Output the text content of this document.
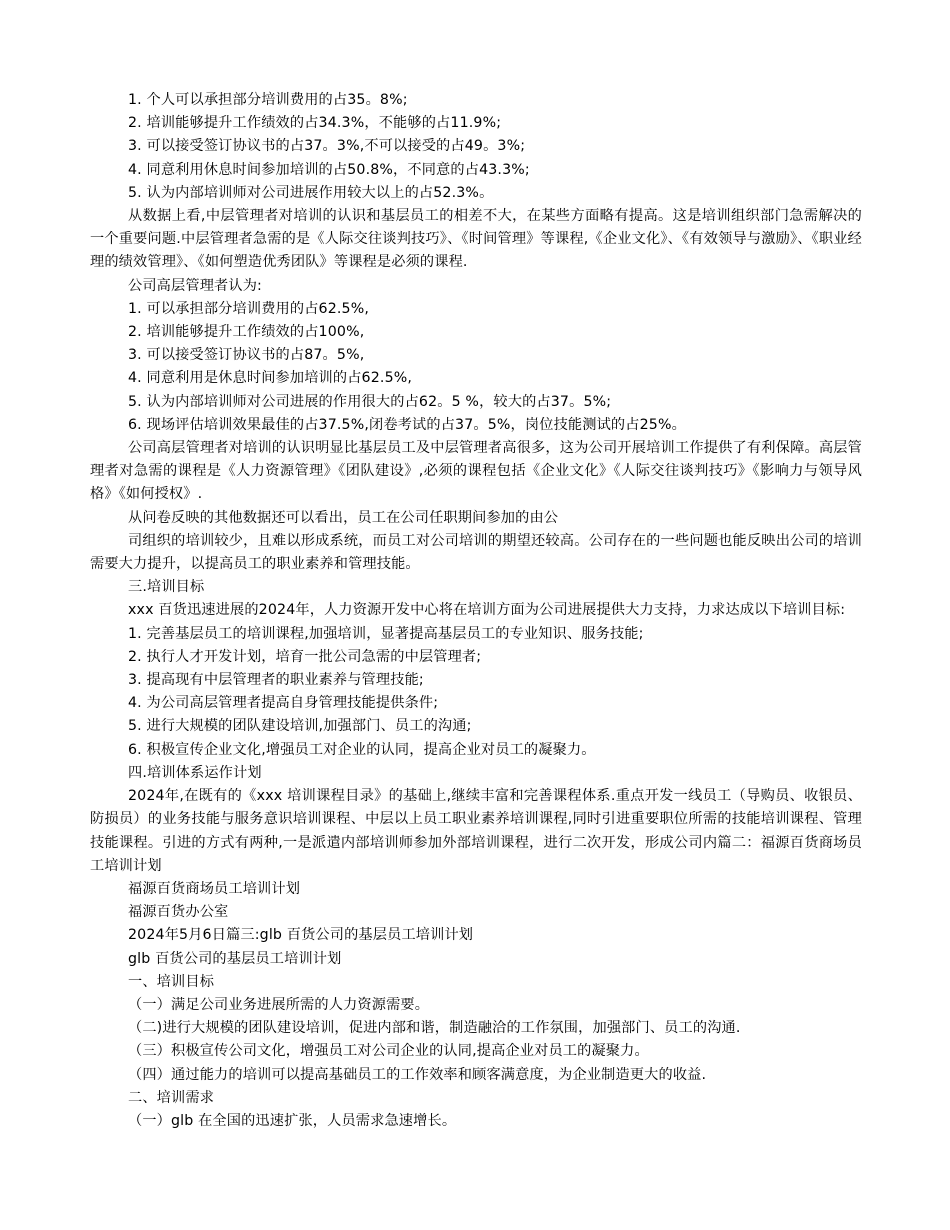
1. 个人可以承担部分培训费用的占35。8%;
2. 培训能够提升工作绩效的占34.3%，不能够的占11.9%;
3. 可以接受签订协议书的占37。3%,不可以接受的占49。3%;
4. 同意利用休息时间参加培训的占50.8%，不同意的占43.3%;
5. 认为内部培训师对公司进展作用较大以上的占52.3%。
从数据上看,中层管理者对培训的认识和基层员工的相差不大，在某些方面略有提高。这是培训组织部门急需解决的一个重要问题.中层管理者急需的是《人际交往谈判技巧》、《时间管理》等课程,《企业文化》、《有效领导与激励》、《职业经理的绩效管理》、《如何塑造优秀团队》等课程是必须的课程.
公司高层管理者认为:
1. 可以承担部分培训费用的占62.5%,
2. 培训能够提升工作绩效的占100%,
3. 可以接受签订协议书的占87。5%,
4. 同意利用是休息时间参加培训的占62.5%,
5. 认为内部培训师对公司进展的作用很大的占62。5 %，较大的占37。5%;
6. 现场评估培训效果最佳的占37.5%,闭卷考试的占37。5%，岗位技能测试的占25%。
公司高层管理者对培训的认识明显比基层员工及中层管理者高很多，这为公司开展培训工作提供了有利保障。高层管理者对急需的课程是《人力资源管理》《团队建设》,必须的课程包括《企业文化》《人际交往谈判技巧》《影响力与领导风格》《如何授权》.
从问卷反映的其他数据还可以看出，员工在公司任职期间参加的由公
司组织的培训较少，且难以形成系统，而员工对公司培训的期望还较高。公司存在的一些问题也能反映出公司的培训需要大力提升，以提高员工的职业素养和管理技能。
三.培训目标
xxx 百货迅速进展的2024年，人力资源开发中心将在培训方面为公司进展提供大力支持，力求达成以下培训目标:
1. 完善基层员工的培训课程,加强培训，显著提高基层员工的专业知识、服务技能;
2. 执行人才开发计划，培育一批公司急需的中层管理者;
3. 提高现有中层管理者的职业素养与管理技能;
4. 为公司高层管理者提高自身管理技能提供条件;
5. 进行大规模的团队建设培训,加强部门、员工的沟通;
6. 积极宣传企业文化,增强员工对企业的认同，提高企业对员工的凝聚力。
四.培训体系运作计划
2024年,在既有的《xxx 培训课程目录》的基础上,继续丰富和完善课程体系.重点开发一线员工（导购员、收银员、防损员）的业务技能与服务意识培训课程、中层以上员工职业素养培训课程,同时引进重要职位所需的技能培训课程、管理技能课程。引进的方式有两种,一是派遣内部培训师参加外部培训课程，进行二次开发，形成公司内篇二：福源百货商场员工培训计划
福源百货商场员工培训计划
福源百货办公室
2024年5月6日篇三:glb 百货公司的基层员工培训计划
glb 百货公司的基层员工培训计划
一、培训目标
（一）满足公司业务进展所需的人力资源需要。
（二)进行大规模的团队建设培训，促进内部和谐，制造融洽的工作氛围，加强部门、员工的沟通.
（三）积极宣传公司文化，增强员工对公司企业的认同,提高企业对员工的凝聚力。
（四）通过能力的培训可以提高基础员工的工作效率和顾客满意度，为企业制造更大的收益.
二、培训需求
（一）glb 在全国的迅速扩张，人员需求急速增长。
